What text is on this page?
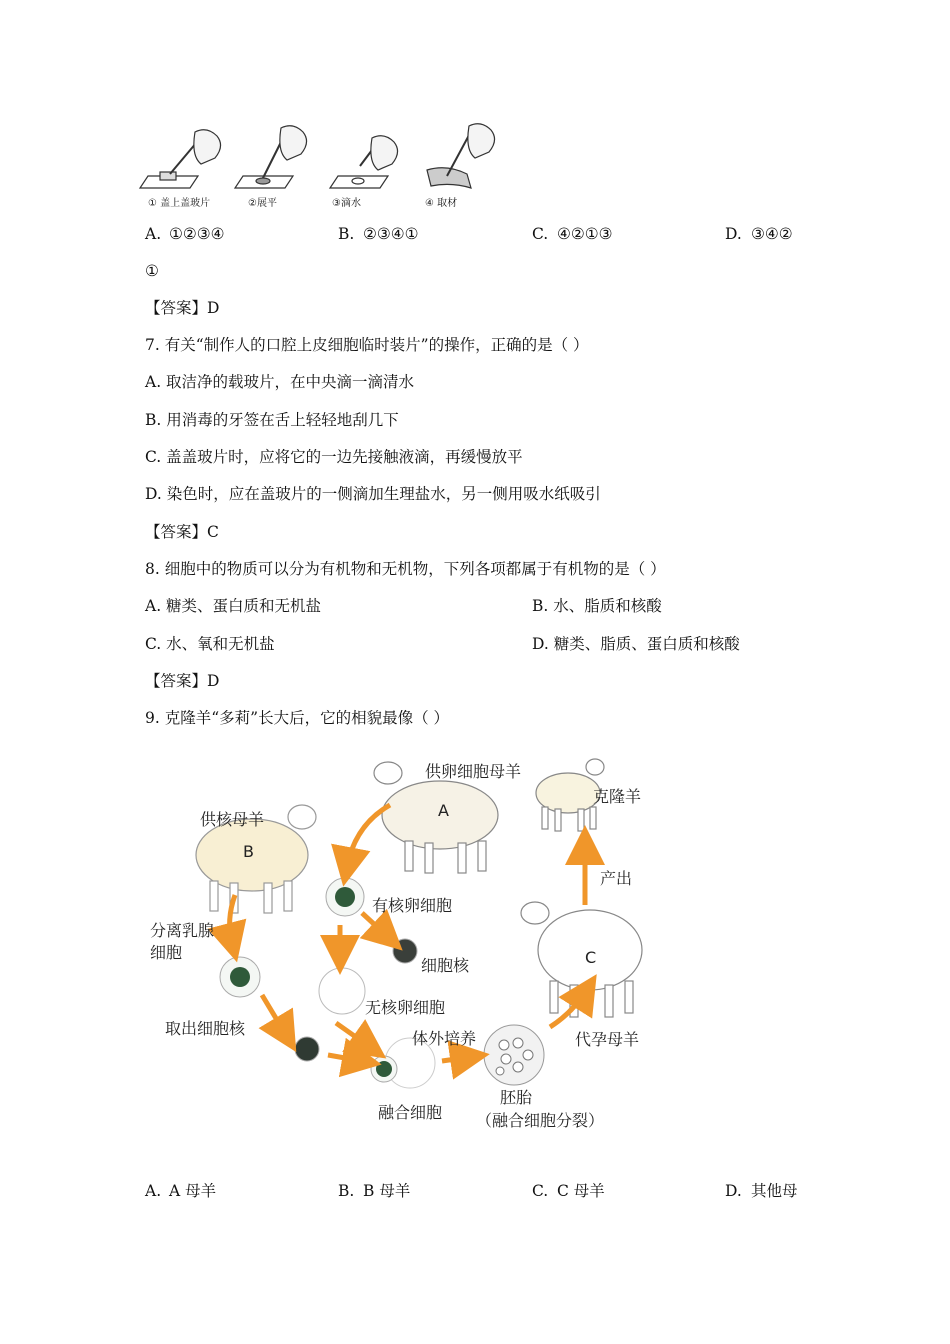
① 盖上盖玻片	②展平	③滴水	④ 取材
A. ①②③④	B. ②③④①	C. ④②①③	D. ③④②
①
【答案】D
7. 有关“制作人的口腔上皮细胞临时装片”的操作，正确的是（ ）
A. 取洁净的载玻片，在中央滴一滴清水
B. 用消毒的牙签在舌上轻轻地刮几下
C. 盖盖玻片时，应将它的一边先接触液滴，再缓慢放平
D. 染色时，应在盖玻片的一侧滴加生理盐水，另一侧用吸水纸吸引
【答案】C
8. 细胞中的物质可以分为有机物和无机物，下列各项都属于有机物的是（ ）
A. 糖类、蛋白质和无机盐	B. 水、脂质和核酸
C. 水、氧和无机盐	D. 糖类、脂质、蛋白质和核酸
【答案】D
9. 克隆羊“多莉”长大后，它的相貌最像（ ）
供卵细胞母羊
克隆羊
供核母羊	A
B
产出
有核卵细胞
分离乳腺
细胞	C
细胞核
无核卵细胞
取出细胞核
体外培养	代孕母羊
胚胎
融合细胞 （融合细胞分裂）
A. A 母羊	B. B 母羊	C. C 母羊	D. 其他母
